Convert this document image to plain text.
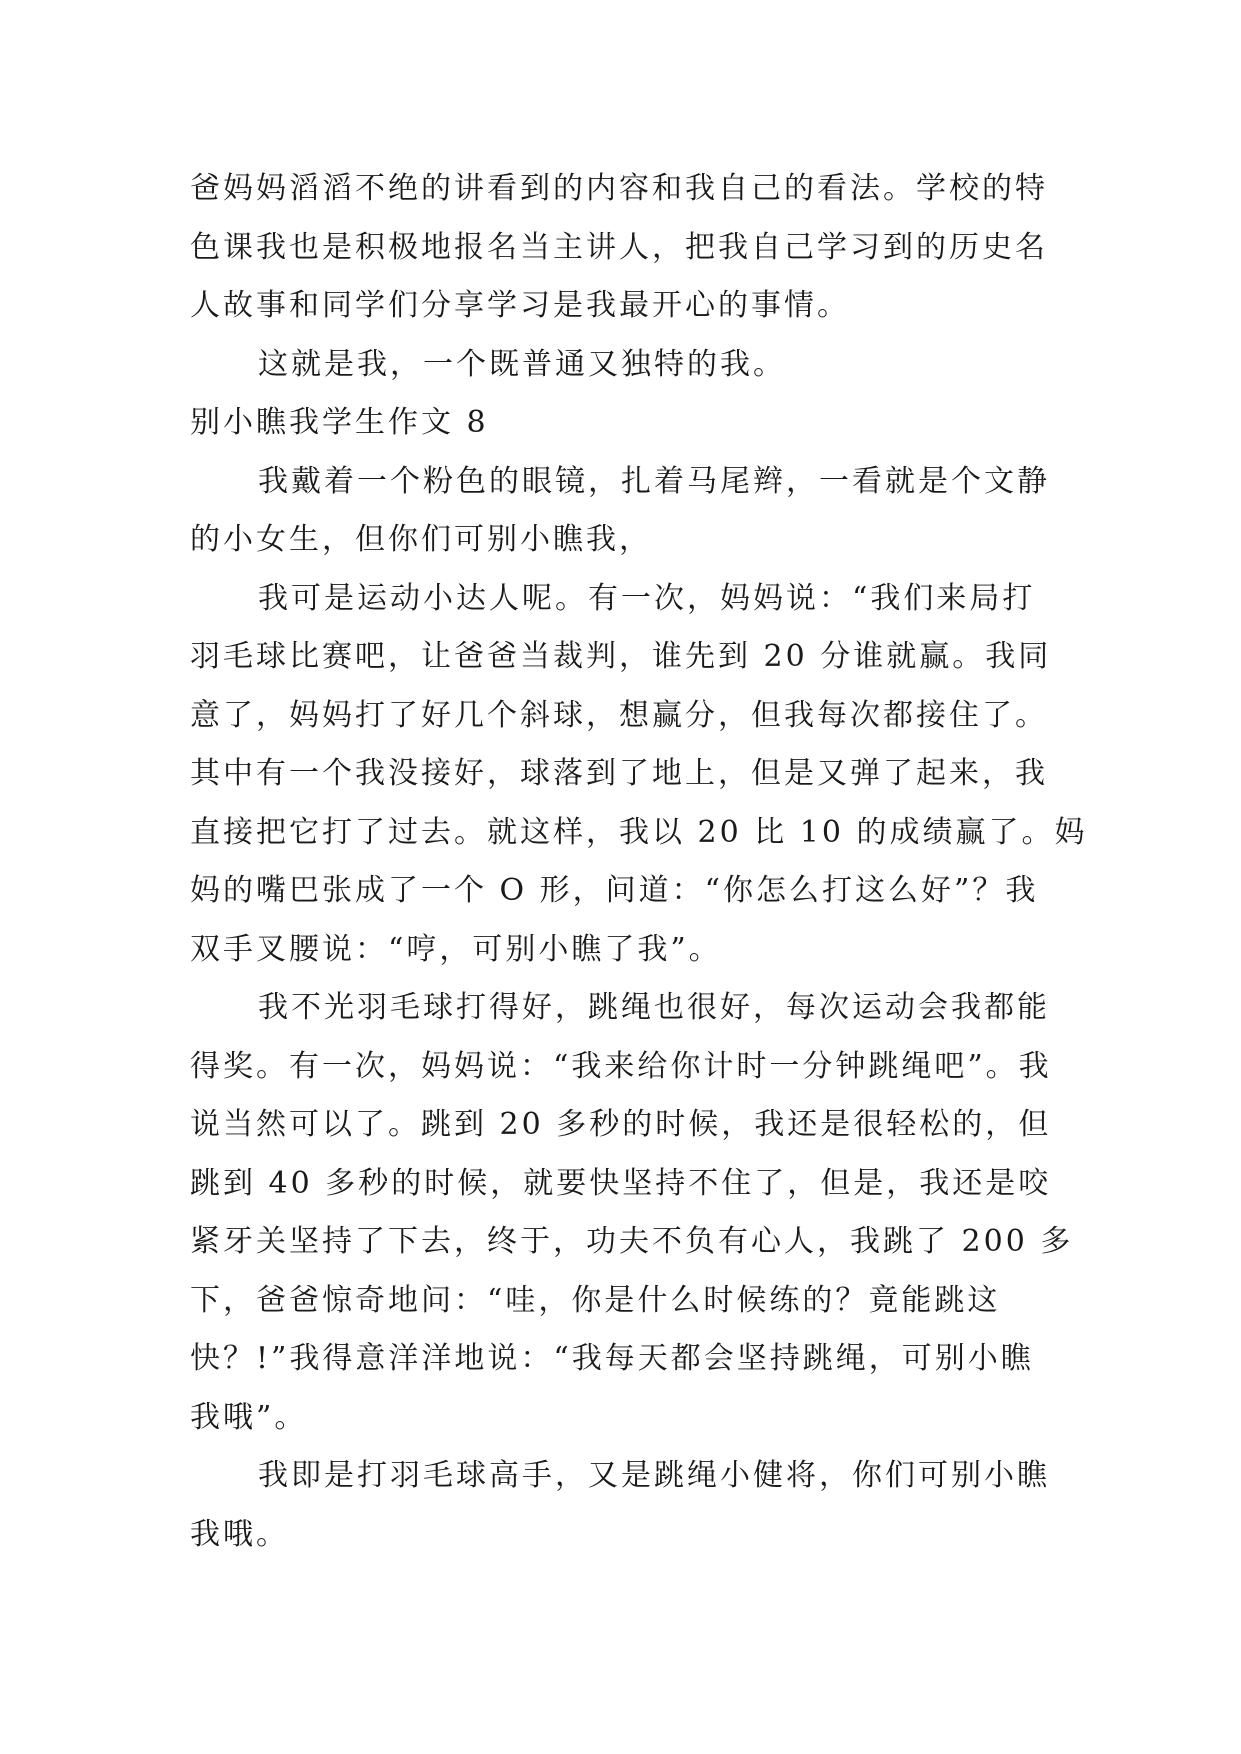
爸妈妈滔滔不绝的讲看到的内容和我自己的看法。学校的特
色课我也是积极地报名当主讲人，把我自己学习到的历史名
人故事和同学们分享学习是我最开心的事情。
这就是我，一个既普通又独特的我。
别小瞧我学生作文 8
我戴着一个粉色的眼镜，扎着马尾辫，一看就是个文静
的小女生，但你们可别小瞧我，
我可是运动小达人呢。有一次，妈妈说：“我们来局打
羽毛球比赛吧，让爸爸当裁判，谁先到 20 分谁就赢。我同
意了，妈妈打了好几个斜球，想赢分，但我每次都接住了。
其中有一个我没接好，球落到了地上，但是又弹了起来，我
直接把它打了过去。就这样，我以 20 比 10 的成绩赢了。妈
妈的嘴巴张成了一个 O 形，问道：“你怎么打这么好”？我
双手叉腰说：“哼，可别小瞧了我”。
我不光羽毛球打得好，跳绳也很好，每次运动会我都能
得奖。有一次，妈妈说：“我来给你计时一分钟跳绳吧”。我
说当然可以了。跳到 20 多秒的时候，我还是很轻松的，但
跳到 40 多秒的时候，就要快坚持不住了，但是，我还是咬
紧牙关坚持了下去，终于，功夫不负有心人，我跳了 200 多
下，爸爸惊奇地问：“哇，你是什么时候练的？竟能跳这
快？!”我得意洋洋地说：“我每天都会坚持跳绳，可别小瞧
我哦”。
我即是打羽毛球高手，又是跳绳小健将，你们可别小瞧
我哦。
